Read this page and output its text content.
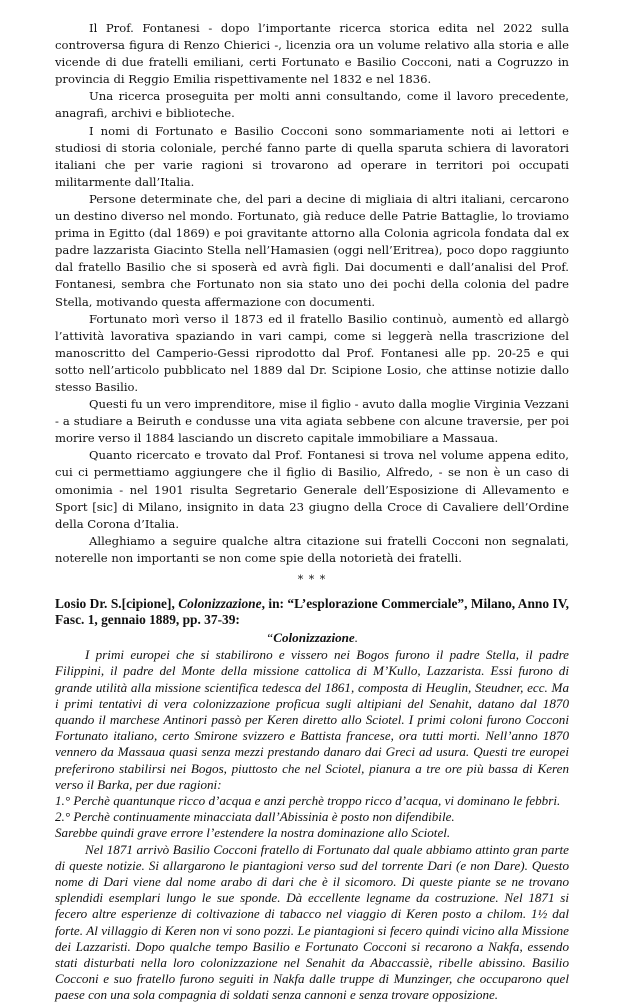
Il Prof. Fontanesi - dopo l’importante ricerca storica edita nel 2022 sulla controversa figura di Renzo Chierici -, licenzia ora un volume relativo alla storia e alle vicende di due fratelli emiliani, certi Fortunato e Basilio Cocconi, nati a Cogruzzo in provincia di Reggio Emilia rispettivamente nel 1832 e nel 1836.

Una ricerca proseguita per molti anni consultando, come il lavoro precedente, anagrafi, archivi e biblioteche.

I nomi di Fortunato e Basilio Cocconi sono sommariamente noti ai lettori e studiosi di storia coloniale, perché fanno parte di quella sparuta schiera di lavoratori italiani che per varie ragioni si trovarono ad operare in territori poi occupati militarmente dall’Italia.

Persone determinate che, del pari a decine di migliaia di altri italiani, cercarono un destino diverso nel mondo. Fortunato, già reduce delle Patrie Battaglie, lo troviamo prima in Egitto (dal 1869) e poi gravitante attorno alla Colonia agricola fondata dal ex padre lazzarista Giacinto Stella nell’Hamasien (oggi nell’Eritrea), poco dopo raggiunto dal fratello Basilio che si sposerà ed avrà figli. Dai documenti e dall’analisi del Prof. Fontanesi, sembra che Fortunato non sia stato uno dei pochi della colonia del padre Stella, motivando questa affermazione con documenti.

Fortunato morì verso il 1873 ed il fratello Basilio continuò, aumentò ed allargò l’attività lavorativa spaziando in vari campi, come si leggerà nella trascrizione del manoscritto del Camperio-Gessi riprodotto dal Prof. Fontanesi alle pp. 20-25 e qui sotto nell’articolo pubblicato nel 1889 dal Dr. Scipione Losio, che attinse notizie dallo stesso Basilio.

Questi fu un vero imprenditore, mise il figlio - avuto dalla moglie Virginia Vezzani - a studiare a Beiruth e condusse una vita agiata sebbene con alcune traversie, per poi morire verso il 1884 lasciando un discreto capitale immobiliare a Massaua.

Quanto ricercato e trovato dal Prof. Fontanesi si trova nel volume appena edito, cui ci permettiamo aggiungere che il figlio di Basilio, Alfredo, - se non è un caso di omonimia - nel 1901 risulta Segretario Generale dell’Esposizione di Allevamento e Sport [sic] di Milano, insignito in data 23 giugno della Croce di Cavaliere dell’Ordine della Corona d’Italia.

Alleghiamo a seguire qualche altra citazione sui fratelli Cocconi non segnalati, noterelle non importanti se non come spie della notorietà dei fratelli.

* * *

Losio Dr. S.[cipione], Colonizzazione, in: “L’esplorazione Commerciale”, Milano, Anno IV, Fasc. 1, gennaio 1889, pp. 37-39:

“Colonizzazione.

I primi europei che si stabilirono e vissero nei Bogos furono il padre Stella, il padre Filippini, il padre del Monte della missione cattolica di M’Kullo, Lazzarista. Essi furono di grande utilità alla missione scientifica tedesca del 1861, composta di Heuglin, Steudner, ecc. Ma i primi tentativi di vera colonizzazione proficua sugli altipiani del Senahit, datano dal 1870 quando il marchese Antinori passò per Keren diretto allo Sciotel. I primi coloni furono Cocconi Fortunato italiano, certo Smirone svizzero e Battista francese, ora tutti morti. Nell’anno 1870 vennero da Massaua quasi senza mezzi prestando danaro dai Greci ad usura. Questi tre europei preferirono stabilirsi nei Bogos, piuttosto che nel Sciotel, pianura a tre ore più bassa di Keren verso il Barka, per due ragioni:

1.° Perchè quantunque ricco d’acqua e anzi perchè troppo ricco d’acqua, vi dominano le febbri.

2.° Perchè continuamente minacciata dall’Abissinia è posto non difendibile.

Sarebbe quindi grave errore l’estendere la nostra dominazione allo Sciotel.

Nel 1871 arrivò Basilio Cocconi fratello di Fortunato dal quale abbiamo attinto gran parte di queste notizie. Si allargarono le piantagioni verso sud del torrente Dari (e non Dare). Questo nome di Dari viene dal nome arabo di dari che è il sicomoro. Di queste piante se ne trovano splendidi esemplari lungo le sue sponde. Dà eccellente legname da costruzione. Nel 1871 si fecero altre esperienze di coltivazione di tabacco nel viaggio di Keren posto a chilom. 1½ dal forte. Al villaggio di Keren non vi sono pozzi. Le piantagioni si fecero quindi vicino alla Missione dei Lazzaristi. Dopo qualche tempo Basilio e Fortunato Cocconi si recarono a Nakfa, essendo stati disturbati nella loro colonizzazione nel Senahit da Abaccassiè, ribelle abissino. Basilio Cocconi e suo fratello furono seguiti in Nakfa dalle truppe di Munzinger, che occuparono quel paese con una sola compagnia di soldati senza cannoni e senza trovare opposizione.
